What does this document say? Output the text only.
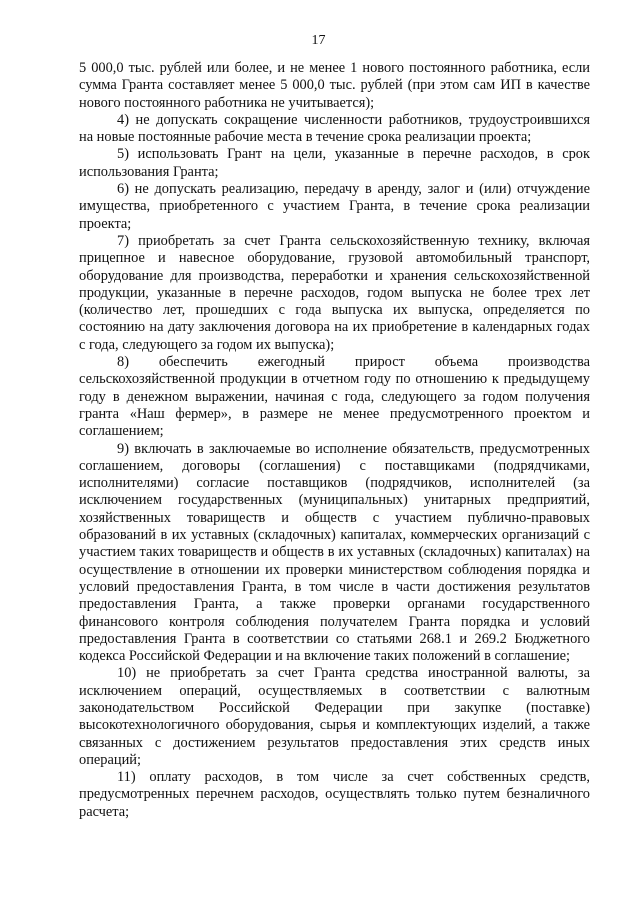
17

5 000,0 тыс. рублей или более, и не менее 1 нового постоянного работника, если сумма Гранта составляет менее 5 000,0 тыс. рублей (при этом сам ИП в качестве нового постоянного работника не учитывается);

4) не допускать сокращение численности работников, трудоустроившихся на новые постоянные рабочие места в течение срока реализации проекта;

5) использовать Грант на цели, указанные в перечне расходов, в срок использования Гранта;

6) не допускать реализацию, передачу в аренду, залог и (или) отчуждение имущества, приобретенного с участием Гранта, в течение срока реализации проекта;

7) приобретать за счет Гранта сельскохозяйственную технику, включая прицепное и навесное оборудование, грузовой автомобильный транспорт, оборудование для производства, переработки и хранения сельскохозяйственной продукции, указанные в перечне расходов, годом выпуска не более трех лет (количество лет, прошедших с года выпуска их выпуска, определяется по состоянию на дату заключения договора на их приобретение в календарных годах с года, следующего за годом их выпуска);

8) обеспечить ежегодный прирост объема производства сельскохозяйственной продукции в отчетном году по отношению к предыдущему году в денежном выражении, начиная с года, следующего за годом получения гранта «Наш фермер», в размере не менее предусмотренного проектом и соглашением;

9) включать в заключаемые во исполнение обязательств, предусмотренных соглашением, договоры (соглашения) с поставщиками (подрядчиками, исполнителями) согласие поставщиков (подрядчиков, исполнителей (за исключением государственных (муниципальных) унитарных предприятий, хозяйственных товариществ и обществ с участием публично-правовых образований в их уставных (складочных) капиталах, коммерческих организаций с участием таких товариществ и обществ в их уставных (складочных) капиталах) на осуществление в отношении их проверки министерством соблюдения порядка и условий предоставления Гранта, в том числе в части достижения результатов предоставления Гранта, а также проверки органами государственного финансового контроля соблюдения получателем Гранта порядка и условий предоставления Гранта в соответствии со статьями 268.1 и 269.2 Бюджетного кодекса Российской Федерации и на включение таких положений в соглашение;

10) не приобретать за счет Гранта средства иностранной валюты, за исключением операций, осуществляемых в соответствии с валютным законодательством Российской Федерации при закупке (поставке) высокотехнологичного оборудования, сырья и комплектующих изделий, а также связанных с достижением результатов предоставления этих средств иных операций;

11) оплату расходов, в том числе за счет собственных средств, предусмотренных перечнем расходов, осуществлять только путем безналичного расчета;
